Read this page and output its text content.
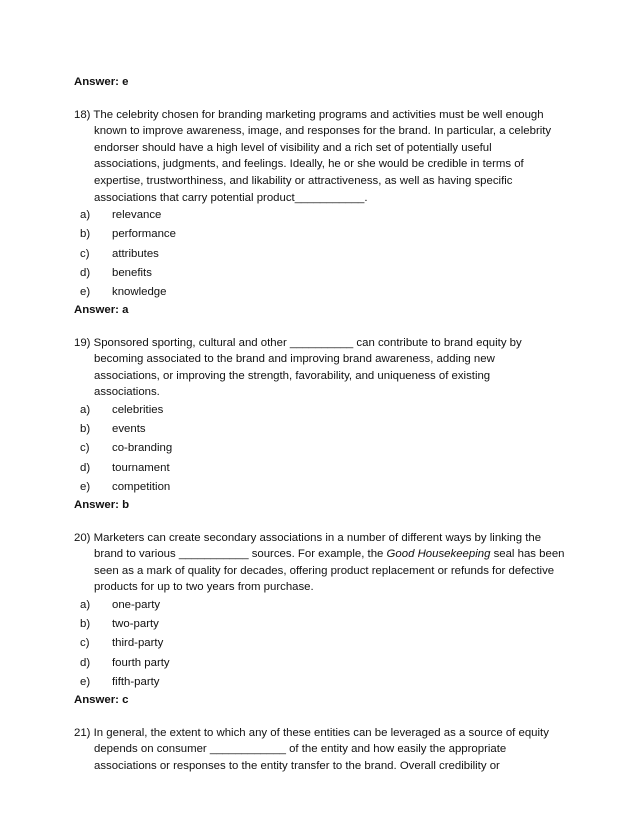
Answer: e

18) The celebrity chosen for branding marketing programs and activities must be well enough

known to improve awareness, image, and responses for the brand. In particular, a celebrity

endorser should have a high level of visibility and a rich set of potentially useful

associations, judgments, and feelings. Ideally, he or she would be credible in terms of

expertise, trustworthiness, and likability or attractiveness, as well as having specific

associations that carry potential product___________.

a) relevance
b) performance
c) attributes
d) benefits
e) knowledge

Answer: a

19) Sponsored sporting, cultural and other __________ can contribute to brand equity by

becoming associated to the brand and improving brand awareness, adding new

associations, or improving the strength, favorability, and uniqueness of existing

associations.

a) celebrities
b) events
c) co-branding
d) tournament
e) competition

Answer: b

20) Marketers can create secondary associations in a number of different ways by linking the

brand to various ___________ sources. For example, the Good Housekeeping seal has been

seen as a mark of quality for decades, offering product replacement or refunds for defective

products for up to two years from purchase.

a) one-party
b) two-party
c) third-party
d) fourth party
e) fifth-party

Answer: c

21) In general, the extent to which any of these entities can be leveraged as a source of equity

depends on consumer ____________ of the entity and how easily the appropriate

associations or responses to the entity transfer to the brand. Overall credibility or
